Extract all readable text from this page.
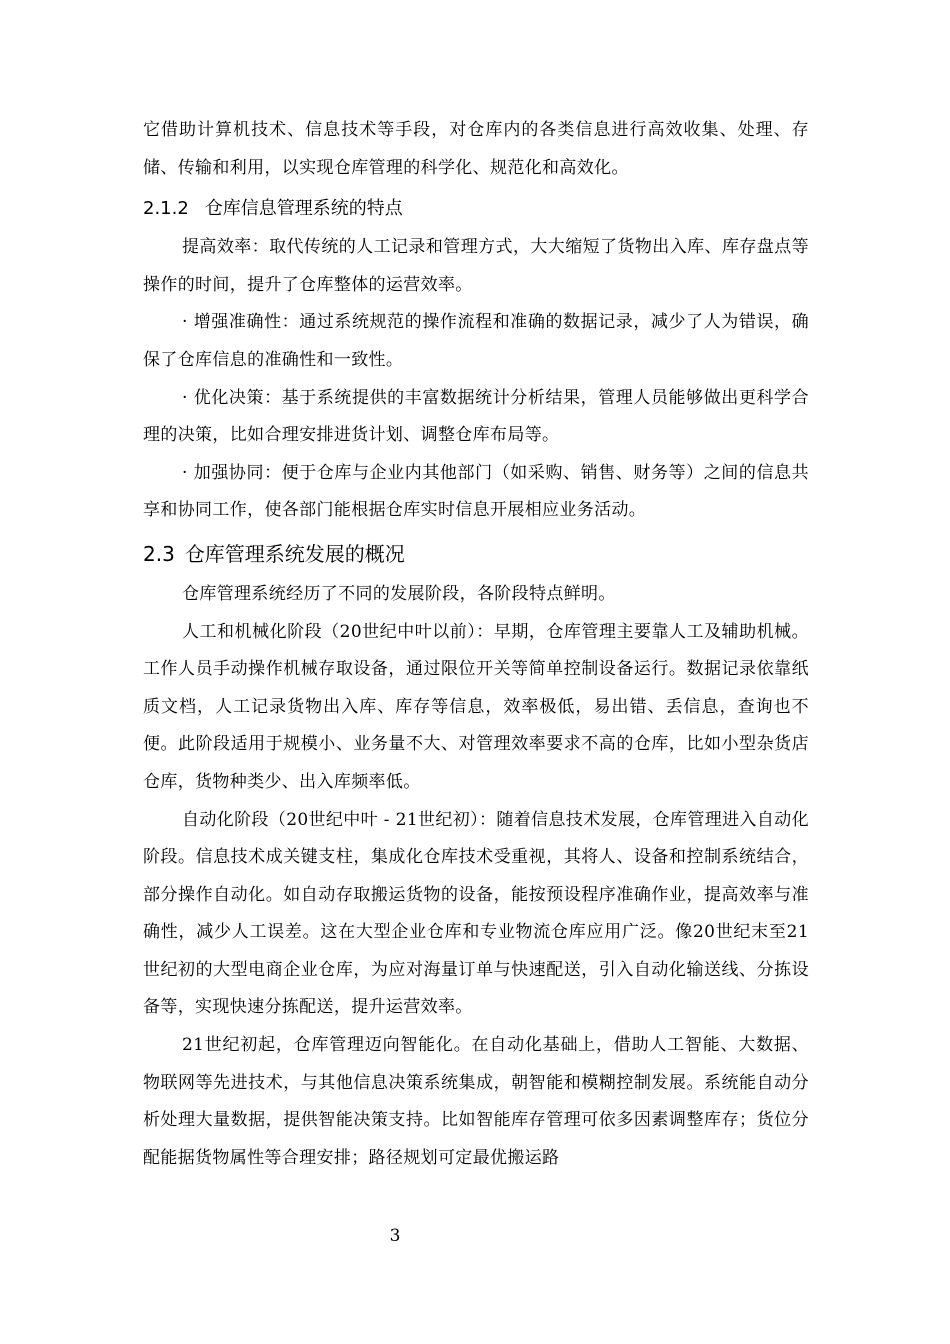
它借助计算机技术、信息技术等手段，对仓库内的各类信息进行高效收集、处理、存储、传输和利用，以实现仓库管理的科学化、规范化和高效化。

2.1.2 仓库信息管理系统的特点

提高效率：取代传统的人工记录和管理方式，大大缩短了货物出入库、库存盘点等操作的时间，提升了仓库整体的运营效率。

· 增强准确性：通过系统规范的操作流程和准确的数据记录，减少了人为错误，确保了仓库信息的准确性和一致性。

· 优化决策：基于系统提供的丰富数据统计分析结果，管理人员能够做出更科学合理的决策，比如合理安排进货计划、调整仓库布局等。

· 加强协同：便于仓库与企业内其他部门（如采购、销售、财务等）之间的信息共享和协同工作，使各部门能根据仓库实时信息开展相应业务活动。

2.3 仓库管理系统发展的概况

仓库管理系统经历了不同的发展阶段，各阶段特点鲜明。

人工和机械化阶段（20世纪中叶以前）：早期，仓库管理主要靠人工及辅助机械。工作人员手动操作机械存取设备，通过限位开关等简单控制设备运行。数据记录依靠纸质文档，人工记录货物出入库、库存等信息，效率极低，易出错、丢信息，查询也不便。此阶段适用于规模小、业务量不大、对管理效率要求不高的仓库，比如小型杂货店仓库，货物种类少、出入库频率低。

自动化阶段（20世纪中叶 - 21世纪初）：随着信息技术发展，仓库管理进入自动化阶段。信息技术成关键支柱，集成化仓库技术受重视，其将人、设备和控制系统结合，部分操作自动化。如自动存取搬运货物的设备，能按预设程序准确作业，提高效率与准确性，减少人工误差。这在大型企业仓库和专业物流仓库应用广泛。像20世纪末至21世纪初的大型电商企业仓库，为应对海量订单与快速配送，引入自动化输送线、分拣设备等，实现快速分拣配送，提升运营效率。

21世纪初起，仓库管理迈向智能化。在自动化基础上，借助人工智能、大数据、物联网等先进技术，与其他信息决策系统集成，朝智能和模糊控制发展。系统能自动分析处理大量数据，提供智能决策支持。比如智能库存管理可依多因素调整库存；货位分配能据货物属性等合理安排；路径规划可定最优搬运路

3
